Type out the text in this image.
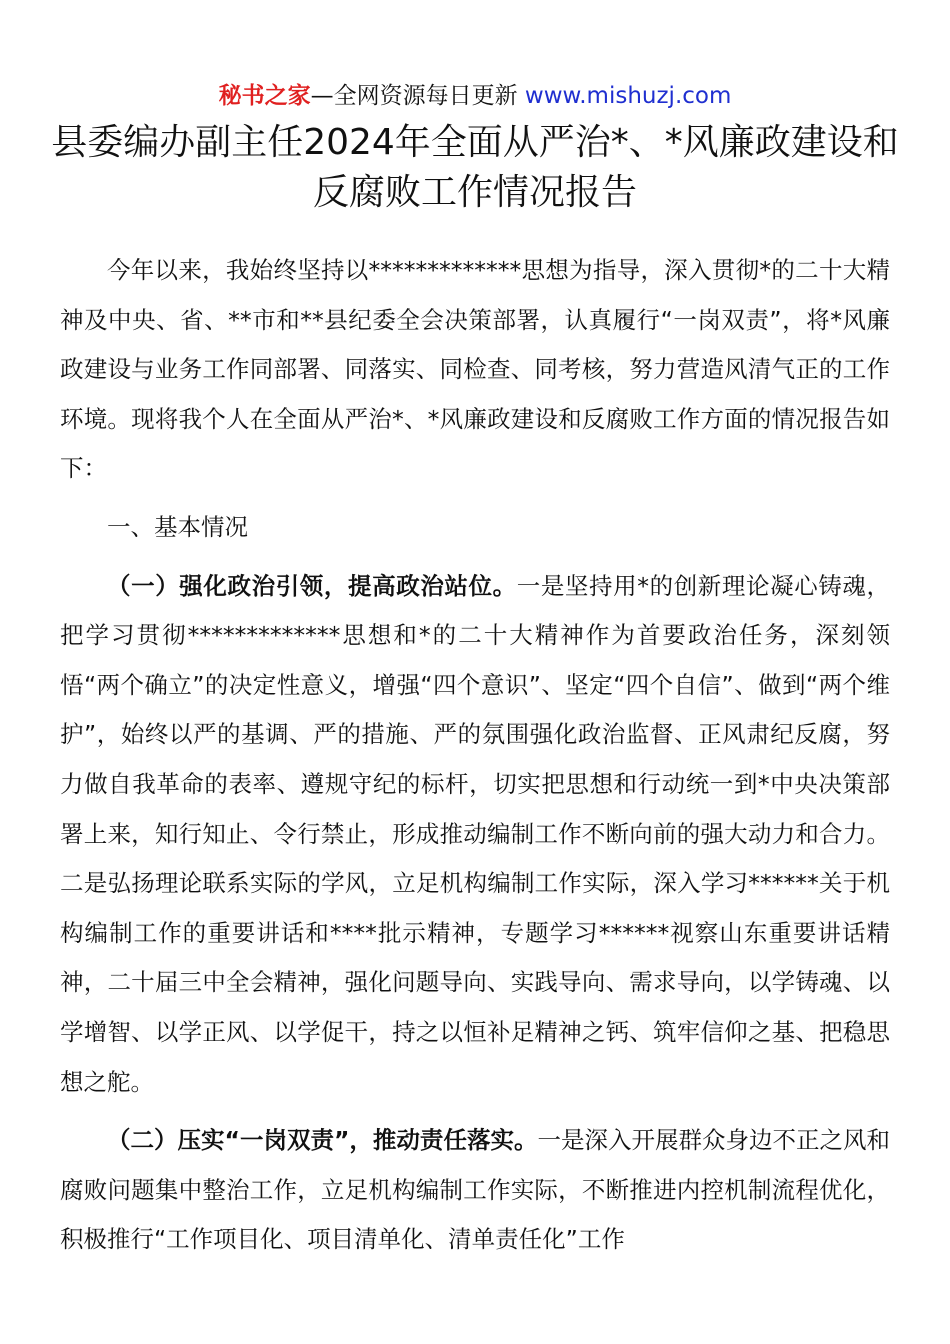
秘书之家—全网资源每日更新 www.mishuzj.com
县委编办副主任2024年全面从严治*、*风廉政建设和反腐败工作情况报告

今年以来，我始终坚持以*************思想为指导，深入贯彻*的二十大精神及中央、省、**市和**县纪委全会决策部署，认真履行“一岗双责”，将*风廉政建设与业务工作同部署、同落实、同检查、同考核，努力营造风清气正的工作环境。现将我个人在全面从严治*、*风廉政建设和反腐败工作方面的情况报告如下：

一、基本情况

（一）强化政治引领，提高政治站位。一是坚持用*的创新理论凝心铸魂，把学习贯彻*************思想和*的二十大精神作为首要政治任务，深刻领悟“两个确立”的决定性意义，增强“四个意识”、坚定“四个自信”、做到“两个维护”，始终以严的基调、严的措施、严的氛围强化政治监督、正风肃纪反腐，努力做自我革命的表率、遵规守纪的标杆，切实把思想和行动统一到*中央决策部署上来，知行知止、令行禁止，形成推动编制工作不断向前的强大动力和合力。二是弘扬理论联系实际的学风，立足机构编制工作实际，深入学习******关于机构编制工作的重要讲话和****批示精神，专题学习******视察山东重要讲话精神，二十届三中全会精神，强化问题导向、实践导向、需求导向，以学铸魂、以学增智、以学正风、以学促干，持之以恒补足精神之钙、筑牢信仰之基、把稳思想之舵。

（二）压实“一岗双责”，推动责任落实。一是深入开展群众身边不正之风和腐败问题集中整治工作，立足机构编制工作实际，不断推进内控机制流程优化，积极推行“工作项目化、项目清单化、清单责任化”工作
